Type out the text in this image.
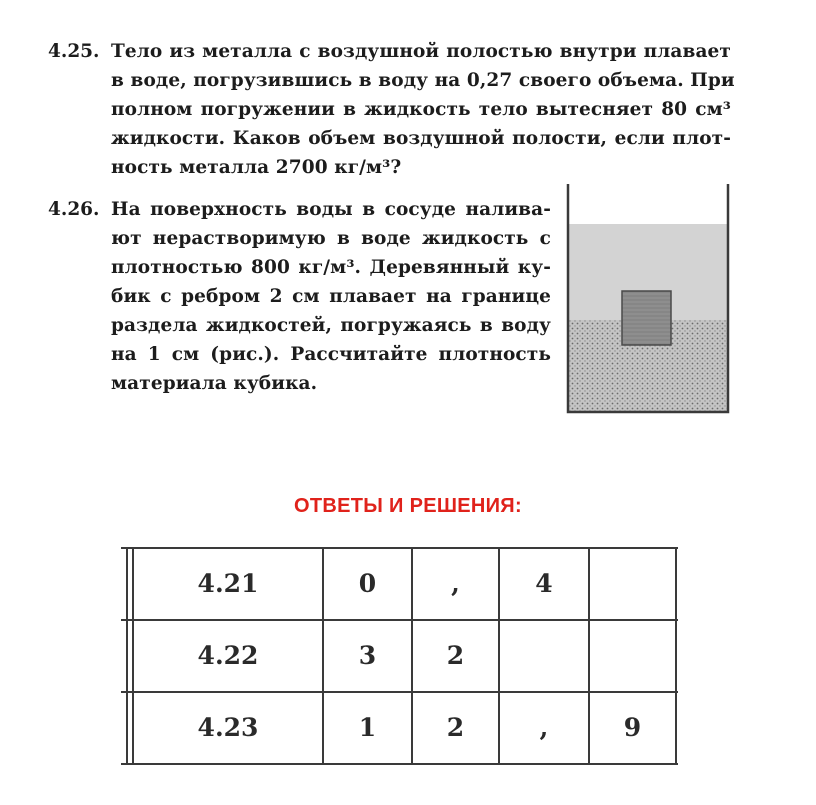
4.25. Тело из металла с воздушной полостью внутри плавает
в воде, погрузившись в воду на 0,27 своего объема. При
полном погружении в жидкость тело вытесняет 80 см³
жидкости. Каков объем воздушной полости, если плот-
ность металла 2700 кг/м³?
4.26. На поверхность воды в сосуде налива-
ют нерастворимую в воде жидкость с
плотностью 800 кг/м³. Деревянный ку-
бик с ребром 2 см плавает на границе
раздела жидкостей, погружаясь в воду
на 1 см (рис.). Рассчитайте плотность
материала кубика.
ОТВЕТЫ И РЕШЕНИЯ:
4.21	0	,	4
4.22	3	2
4.23	1	2	,	9
